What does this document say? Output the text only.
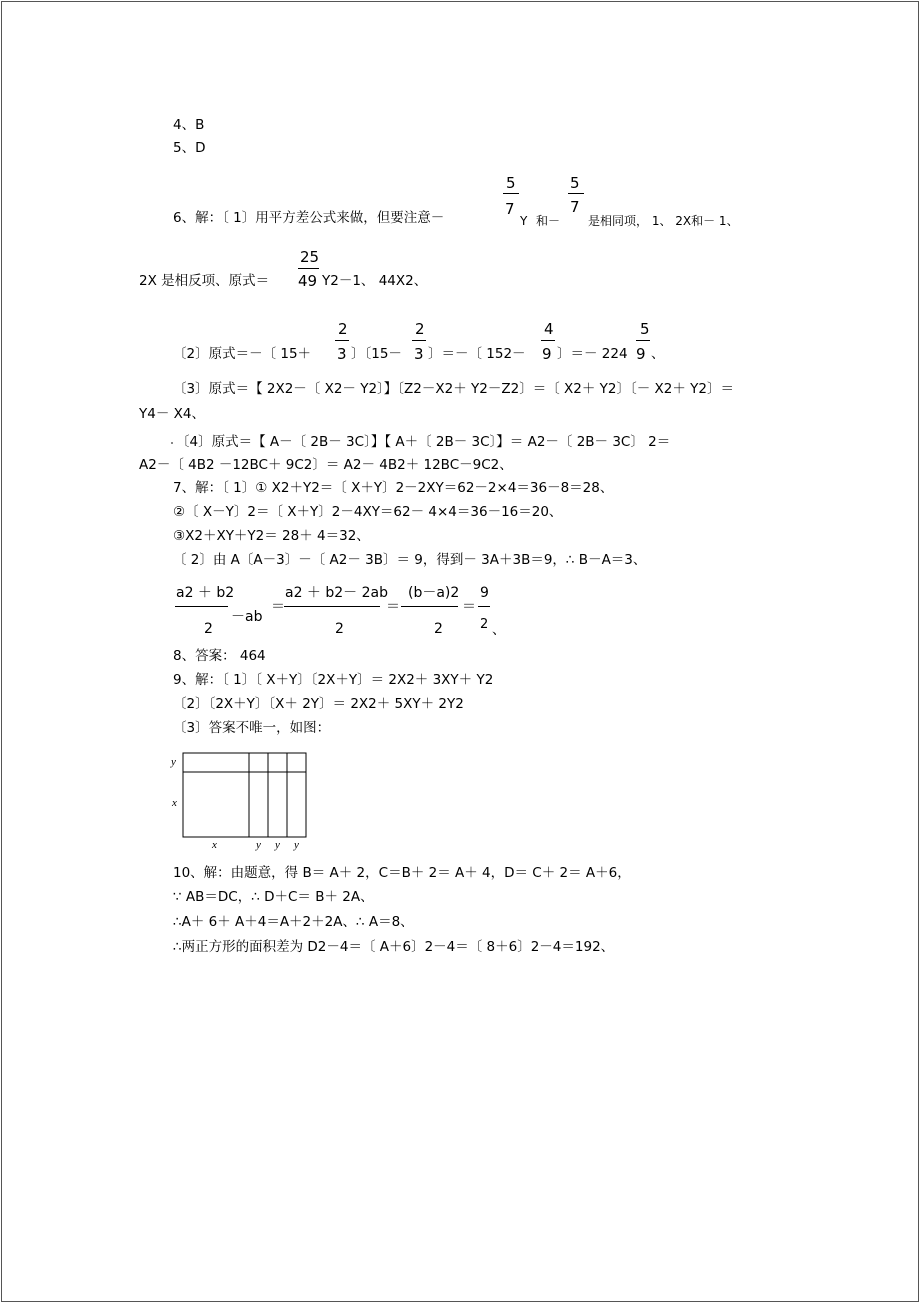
4、B
5、D
6、解：〔 1〕用平方差公式来做，但要注意－
5
7
Y 和－
5
7
是相同项， 1、 2X和－ 1、
2X 是相反项、原式＝
25
49 Y2－1、 44X2、
〔2〕原式＝－〔 15＋
2
3 〕〔15－
2
3 〕＝－〔 152－
4
9 〕＝－ 224
5
9 、
〔3〕原式＝【 2X2－〔 X2－ Y2〕】〔Z2－X2＋ Y2－Z2〕＝〔 X2＋ Y2〕〔－ X2＋ Y2〕＝
Y4－ X4、
〔4〕原式＝【 A－〔 2B－ 3C〕】【 A＋〔 2B－ 3C〕】＝ A2－〔 2B－ 3C〕 2＝
A2－〔 4B2 －12BC＋ 9C2〕＝ A2－ 4B2＋ 12BC－9C2、
7、解：〔 1〕① X2＋Y2＝〔 X＋Y〕2－2XY＝62－2×4＝36－8＝28、
②〔 X－Y〕2＝〔 X＋Y〕2－4XY＝62－ 4×4＝36－16＝20、
③X2＋XY＋Y2＝ 28＋ 4＝32、
〔 2〕由 A〔A－3〕－〔 A2－ 3B〕＝ 9，得到－ 3A＋3B＝9，∴ B－A＝3、
a2 ＋ b2
2
－ab
＝
a2 ＋ b2－ 2ab
2
＝
(b－a)2
2
＝
9
2 、
8、答案： 464
9、解：〔 1〕〔 X＋Y〕〔2X＋Y〕＝ 2X2＋ 3XY＋ Y2
〔2〕〔2X＋Y〕〔X＋ 2Y〕＝ 2X2＋ 5XY＋ 2Y2
〔3〕答案不唯一，如图：
y
x
x	y y y
10、解：由题意，得 B＝ A＋ 2，C＝B＋ 2＝ A＋ 4，D＝ C＋ 2＝ A＋6，
∵ AB＝DC，∴ D＋C＝ B＋ 2A、
∴A＋ 6＋ A＋4＝A＋2＋2A、∴ A＝8、
∴两正方形的面积差为 D2－4＝〔 A＋6〕2－4＝〔 8＋6〕2－4＝192、
